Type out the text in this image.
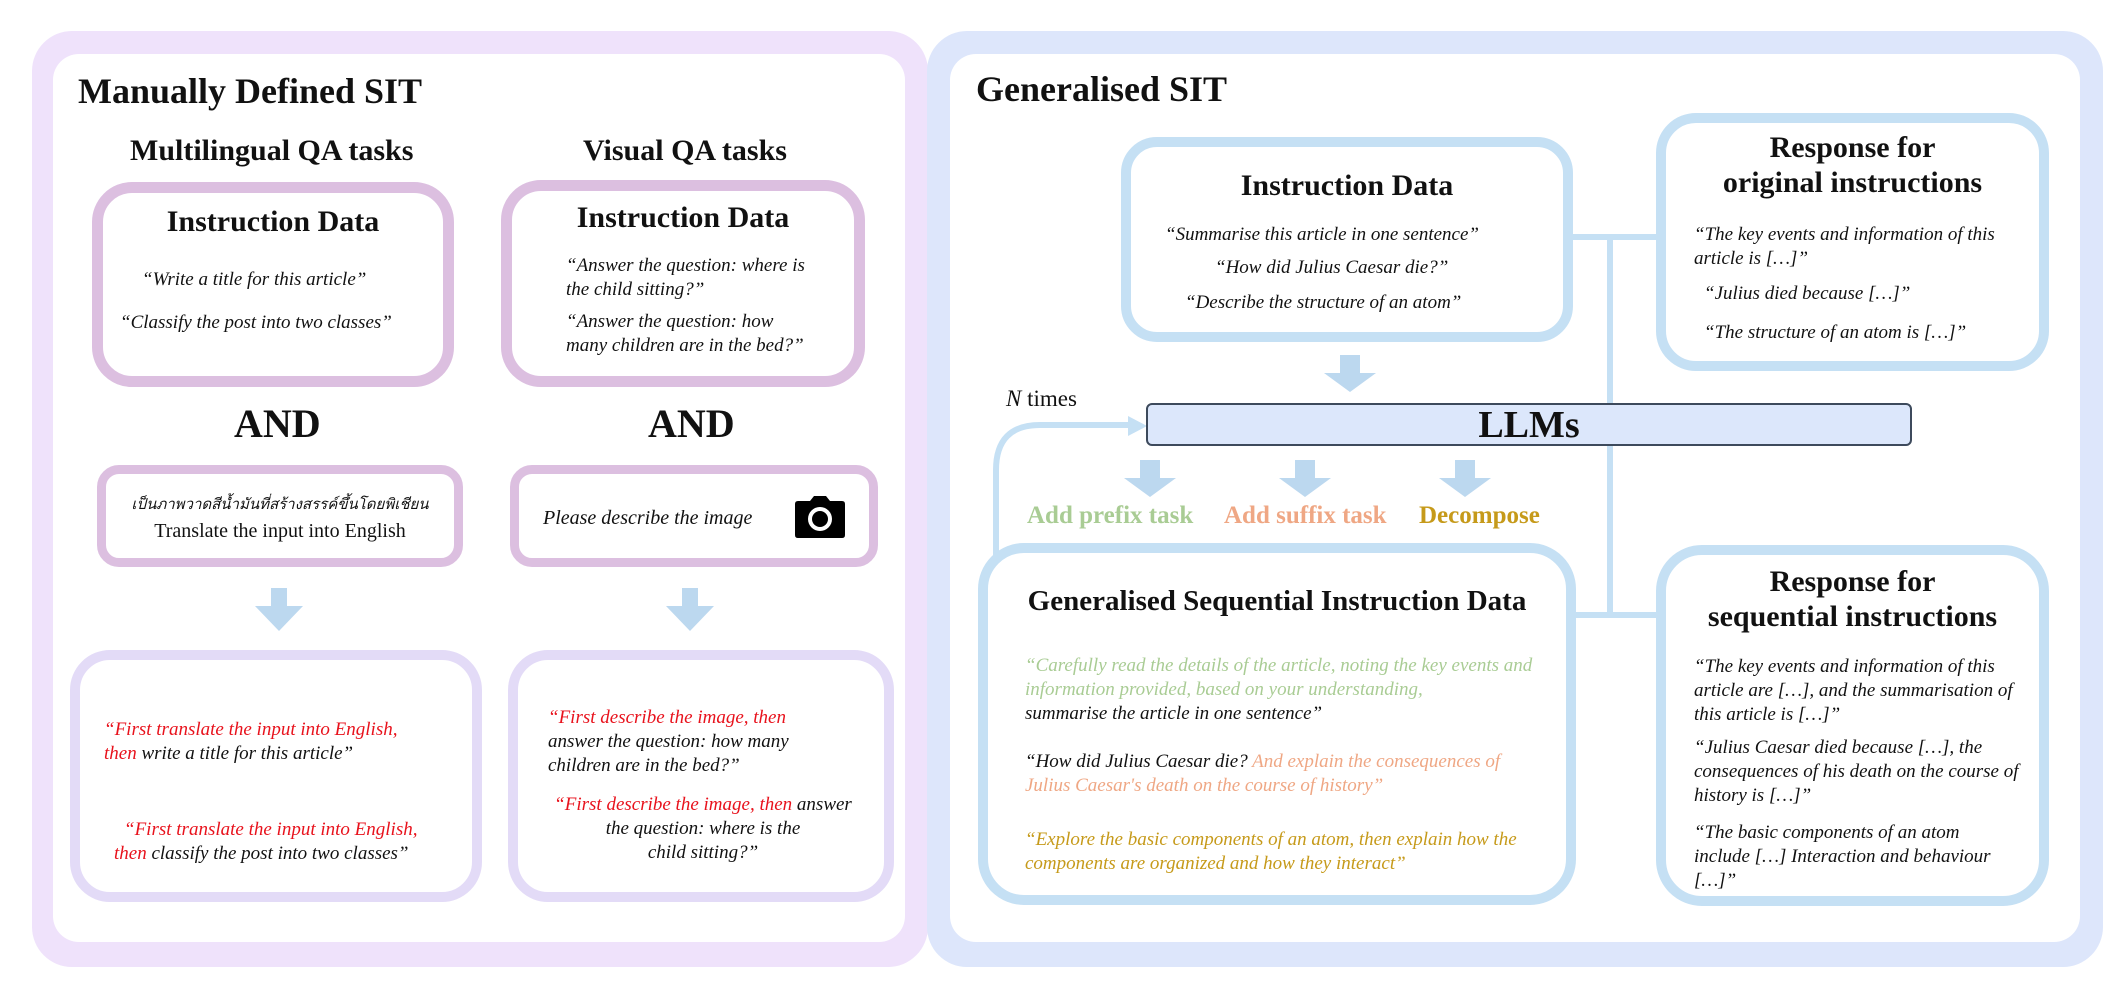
Manually Defined SIT
Multilingual QA tasks	Visual QA tasks
Instruction Data
“Write a title for this article”
“Classify the post into two classes”
Instruction Data
“Answer the question: where is the child sitting?”
“Answer the question: how many children are in the bed?”
AND	AND
เป็นภาพวาดสีน้ำมันที่สร้างสรรค์ขึ้นโดยพิเชียน
Translate the input into English
Please describe the image
“First translate the input into English,
then write a title for this article”
“First translate the input into English,
then classify the post into two classes”
“First describe the image, then
answer the question: how many children are in the bed?”
“First describe the image, then answer
the question: where is the child sitting?”
Generalised SIT
Instruction Data
“Summarise this article in one sentence”
“How did Julius Caesar die?”
“Describe the structure of an atom”
N times
LLMs
Add prefix task Add suffix task Decompose
Generalised Sequential Instruction Data
“Carefully read the details of the article, noting the key events and information provided, based on your understanding,
summarise the article in one sentence”
“How did Julius Caesar die? And explain the consequences of Julius Caesar's death on the course of history”
“Explore the basic components of an atom, then explain how the components are organized and how they interact”
Response for
original instructions
“The key events and information of this article is […]”
“Julius died because […]”
“The structure of an atom is […]”
Response for
sequential instructions
“The key events and information of this article are […], and the summarisation of this article is […]”
“Julius Caesar died because […], the consequences of his death on the course of history is […]”
“The basic components of an atom include […] Interaction and behaviour […]”
